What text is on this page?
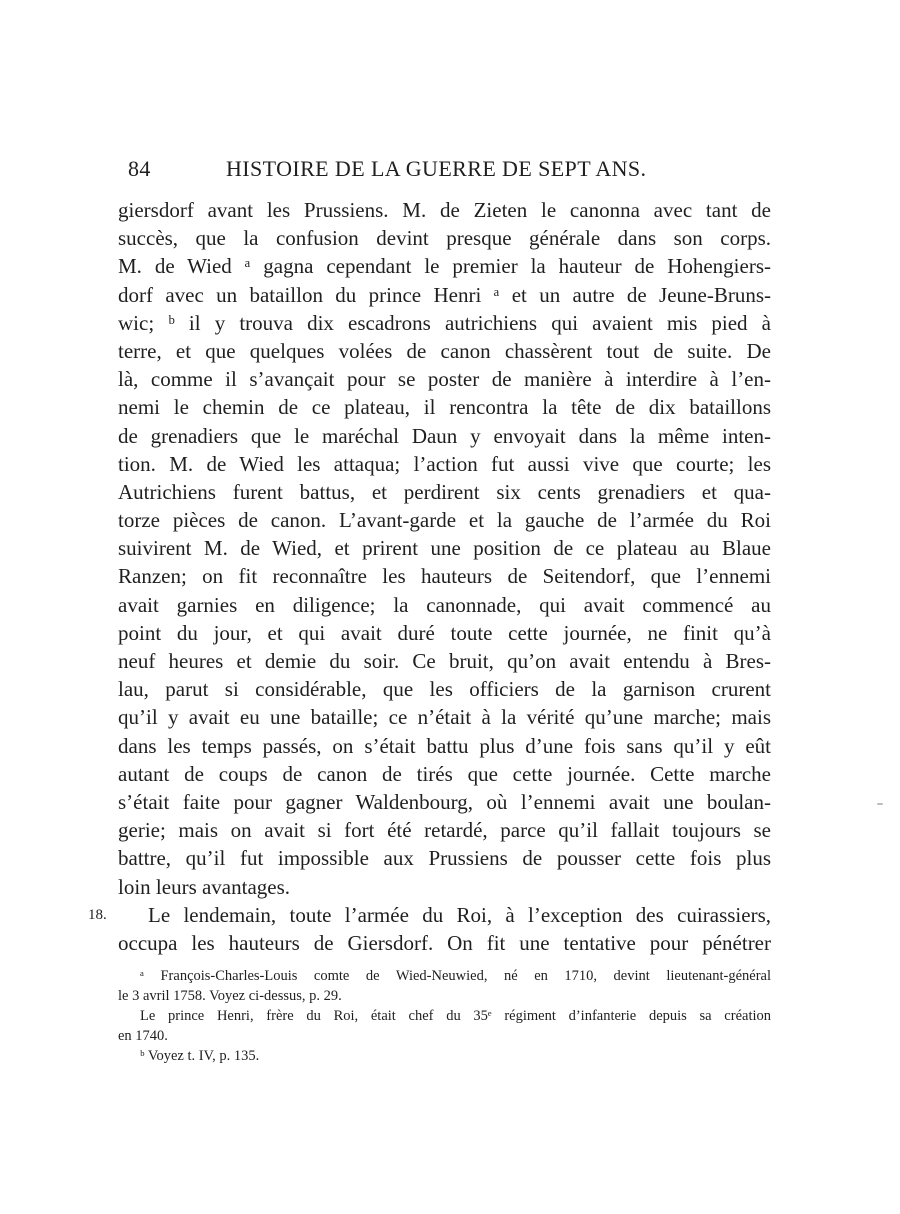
84	HISTOIRE DE LA GUERRE DE SEPT ANS.
giersdorf avant les Prussiens. M. de Zieten le canonna avec tant de
succès, que la confusion devint presque générale dans son corps.
M. de Wied ᵃ gagna cependant le premier la hauteur de Hohengiers-
dorf avec un bataillon du prince Henri ᵃ et un autre de Jeune-Bruns-
wic; ᵇ il y trouva dix escadrons autrichiens qui avaient mis pied à
terre, et que quelques volées de canon chassèrent tout de suite. De
là, comme il s’avançait pour se poster de manière à interdire à l’en-
nemi le chemin de ce plateau, il rencontra la tête de dix bataillons
de grenadiers que le maréchal Daun y envoyait dans la même inten-
tion. M. de Wied les attaqua; l’action fut aussi vive que courte; les
Autrichiens furent battus, et perdirent six cents grenadiers et qua-
torze pièces de canon. L’avant-garde et la gauche de l’armée du Roi
suivirent M. de Wied, et prirent une position de ce plateau au Blaue
Ranzen; on fit reconnaître les hauteurs de Seitendorf, que l’ennemi
avait garnies en diligence; la canonnade, qui avait commencé au
point du jour, et qui avait duré toute cette journée, ne finit qu’à
neuf heures et demie du soir. Ce bruit, qu’on avait entendu à Bres-
lau, parut si considérable, que les officiers de la garnison crurent
qu’il y avait eu une bataille; ce n’était à la vérité qu’une marche; mais
dans les temps passés, on s’était battu plus d’une fois sans qu’il y eût
autant de coups de canon de tirés que cette journée. Cette marche
s’était faite pour gagner Waldenbourg, où l’ennemi avait une boulan-
gerie; mais on avait si fort été retardé, parce qu’il fallait toujours se
battre, qu’il fut impossible aux Prussiens de pousser cette fois plus
loin leurs avantages.
18.	Le lendemain, toute l’armée du Roi, à l’exception des cuirassiers,
occupa les hauteurs de Giersdorf. On fit une tentative pour pénétrer
ᵃ François-Charles-Louis comte de Wied-Neuwied, né en 1710, devint lieutenant-général
le 3 avril 1758. Voyez ci-dessus, p. 29.
Le prince Henri, frère du Roi, était chef du 35ᵉ régiment d’infanterie depuis sa création
en 1740.
ᵇ Voyez t. IV, p. 135.
